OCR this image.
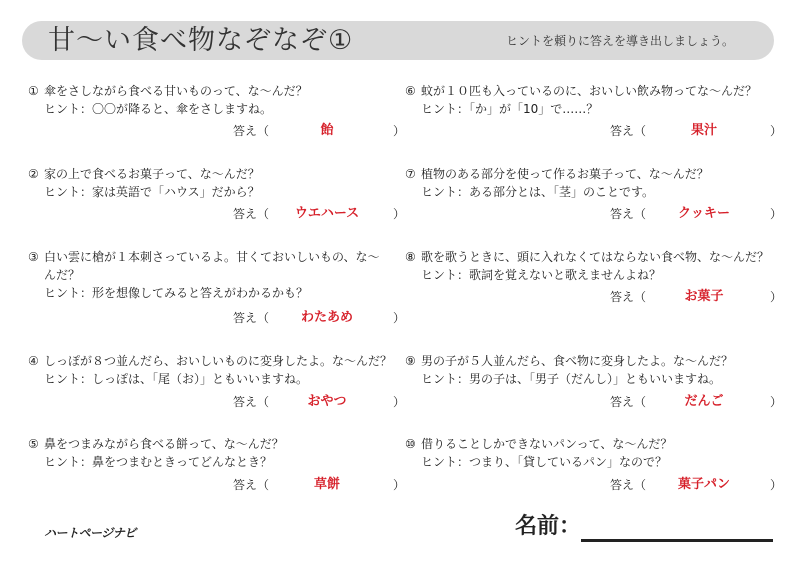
甘～い食べ物なぞなぞ①	ヒントを頼りに答えを導き出しましょう。
① 傘をさしながら食べる甘いものって、な～んだ？
ヒント：〇〇が降ると、傘をさしますね。
答え（	飴	）
② 家の上で食べるお菓子って、な～んだ？
ヒント：家は英語で「ハウス」だから？
答え（	ウエハース	）
③ 白い雲に槍が１本刺さっているよ。甘くておいしいもの、な～
んだ？
ヒント：形を想像してみると答えがわかるかも？
答え（	わたあめ	）
④ しっぽが８つ並んだら、おいしいものに変身したよ。な～んだ？
ヒント：しっぽは、「尾（お）」ともいいますね。
答え（	おやつ	）
⑤ 鼻をつまみながら食べる餅って、な～んだ？
ヒント：鼻をつまむときってどんなとき？
答え（	草餅	）
⑥ 蚊が１０匹も入っているのに、おいしい飲み物ってな～んだ？
ヒント：「か」が「10」で……？
答え（	果汁	）
⑦ 植物のある部分を使って作るお菓子って、な～んだ？
ヒント：ある部分とは、「茎」のことです。
答え（	クッキー	）
⑧ 歌を歌うときに、頭に入れなくてはならない食べ物、な～んだ？
ヒント：歌詞を覚えないと歌えませんよね？
答え（	お菓子	）
⑨ 男の子が５人並んだら、食べ物に変身したよ。な～んだ？
ヒント：男の子は、「男子（だんし）」ともいいますね。
答え（	だんご	）
⑩ 借りることしかできないパンって、な～んだ？
ヒント：つまり、「貸しているパン」なので？
答え（	菓子パン	）
ハートページナビ	名前：
